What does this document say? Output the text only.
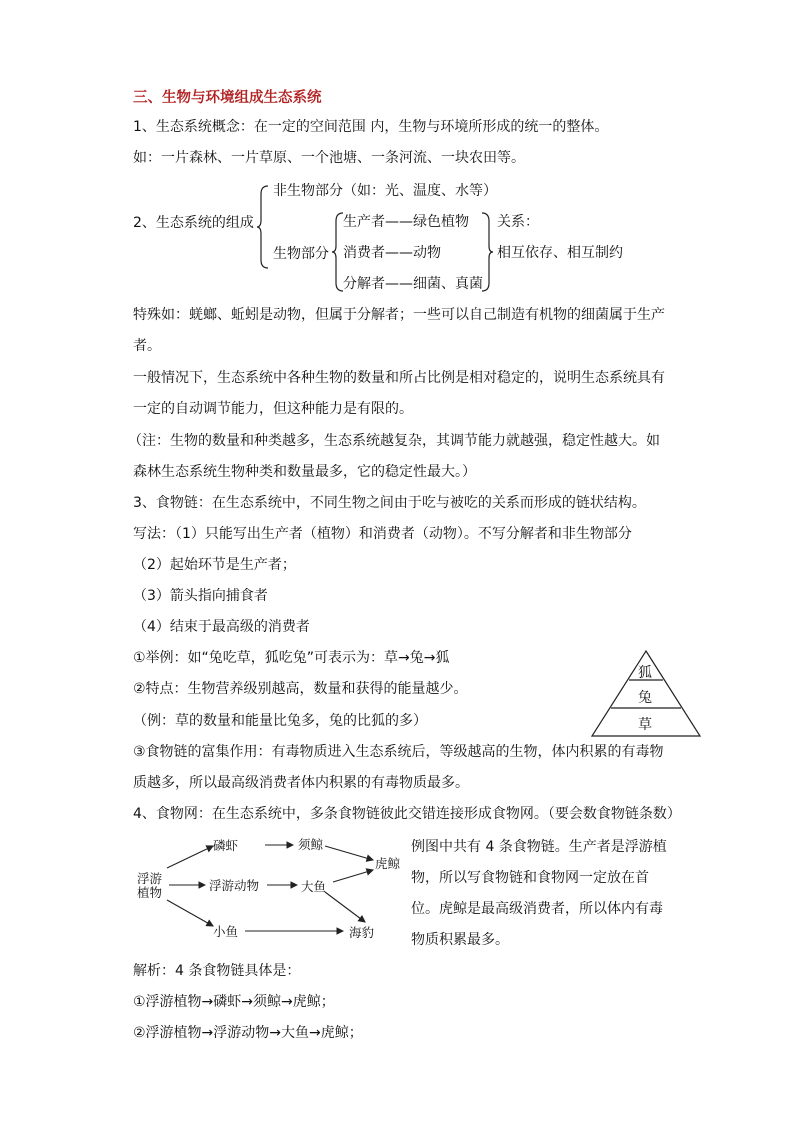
三、生物与环境组成生态系统
1、生态系统概念：在一定的空间范围 内，生物与环境所形成的统一的整体。
如：一片森林、一片草原、一个池塘、一条河流、一块农田等。
2、生态系统的组成
非生物部分（如：光、温度、水等）
生物部分
生产者——绿色植物
消费者——动物
分解者——细菌、真菌
关系：
相互依存、相互制约
特殊如：蜣螂、蚯蚓是动物，但属于分解者；一些可以自己制造有机物的细菌属于生产
者。
一般情况下，生态系统中各种生物的数量和所占比例是相对稳定的，说明生态系统具有
一定的自动调节能力，但这种能力是有限的。
（注：生物的数量和种类越多，生态系统越复杂，其调节能力就越强，稳定性越大。如
森林生态系统生物种类和数量最多，它的稳定性最大。）
3、食物链：在生态系统中，不同生物之间由于吃与被吃的关系而形成的链状结构。
写法：（1）只能写出生产者（植物）和消费者（动物）。不写分解者和非生物部分
（2）起始环节是生产者；
（3）箭头指向捕食者
（4）结束于最高级的消费者
①举例：如“兔吃草，狐吃兔”可表示为：草→兔→狐
②特点：生物营养级别越高，数量和获得的能量越少。
（例：草的数量和能量比兔多，兔的比狐的多）
③食物链的富集作用：有毒物质进入生态系统后，等级越高的生物，体内积累的有毒物
质越多，所以最高级消费者体内积累的有毒物质最多。
狐
兔
草
4、食物网：在生态系统中，多条食物链彼此交错连接形成食物网。（要会数食物链条数）
浮游
植物
磷虾	须鲸
虎鲸
浮游动物	大鱼
小鱼	海豹
例图中共有 4 条食物链。生产者是浮游植
物，所以写食物链和食物网一定放在首
位。虎鲸是最高级消费者，所以体内有毒
物质积累最多。
解析：4 条食物链具体是：
①浮游植物→磷虾→须鲸→虎鲸；
②浮游植物→浮游动物→大鱼→虎鲸；
